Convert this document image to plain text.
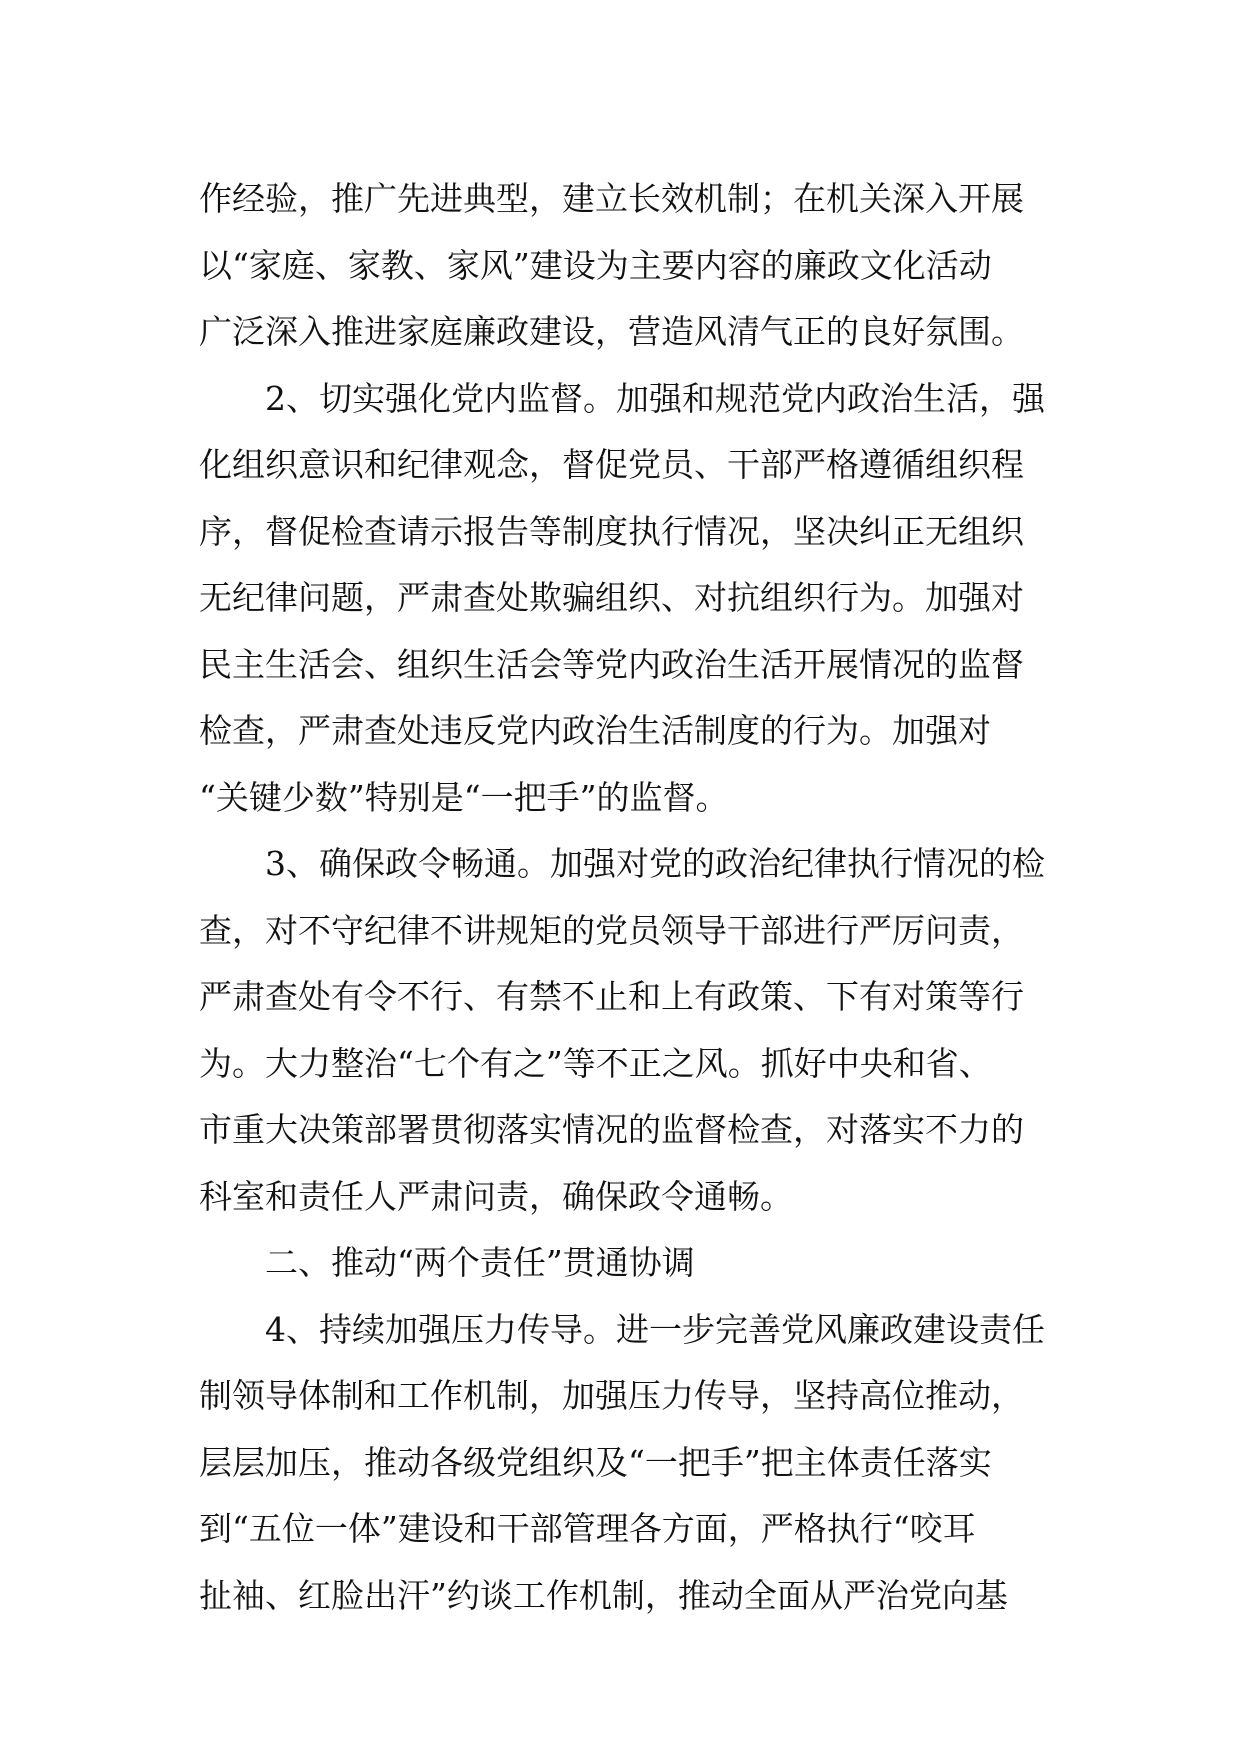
作经验，推广先进典型，建立长效机制；在机关深入开展
以“家庭、家教、家风”建设为主要内容的廉政文化活动
广泛深入推进家庭廉政建设，营造风清气正的良好氛围。
2、切实强化党内监督。加强和规范党内政治生活，强
化组织意识和纪律观念，督促党员、干部严格遵循组织程
序，督促检查请示报告等制度执行情况，坚决纠正无组织
无纪律问题，严肃查处欺骗组织、对抗组织行为。加强对
民主生活会、组织生活会等党内政治生活开展情况的监督
检查，严肃查处违反党内政治生活制度的行为。加强对
“关键少数”特别是“一把手”的监督。
3、确保政令畅通。加强对党的政治纪律执行情况的检
查，对不守纪律不讲规矩的党员领导干部进行严厉问责，
严肃查处有令不行、有禁不止和上有政策、下有对策等行
为。大力整治“七个有之”等不正之风。抓好中央和省、
市重大决策部署贯彻落实情况的监督检查，对落实不力的
科室和责任人严肃问责，确保政令通畅。
二、推动“两个责任”贯通协调
4、持续加强压力传导。进一步完善党风廉政建设责任
制领导体制和工作机制，加强压力传导，坚持高位推动，
层层加压，推动各级党组织及“一把手”把主体责任落实
到“五位一体”建设和干部管理各方面，严格执行“咬耳
扯袖、红脸出汗”约谈工作机制，推动全面从严治党向基
